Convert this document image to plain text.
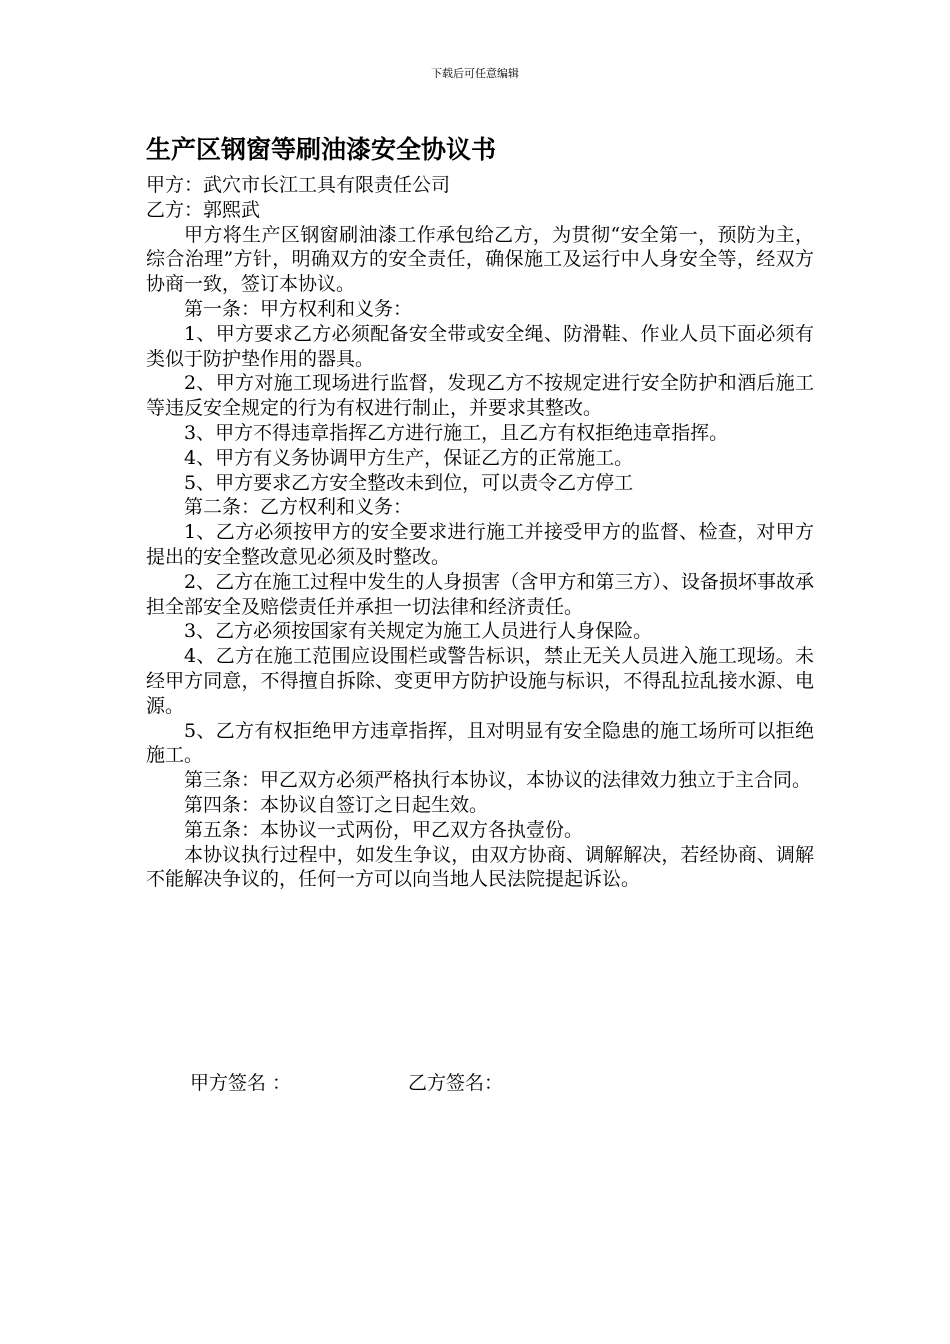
下载后可任意编辑
生产区钢窗等刷油漆安全协议书

甲方：武穴市长江工具有限责任公司

乙方：郭熙武

甲方将生产区钢窗刷油漆工作承包给乙方，为贯彻“安全第一，预防为主，综合治理”方针，明确双方的安全责任，确保施工及运行中人身安全等，经双方协商一致，签订本协议。

第一条：甲方权利和义务：

1、甲方要求乙方必须配备安全带或安全绳、防滑鞋、作业人员下面必须有类似于防护垫作用的器具。

2、甲方对施工现场进行监督，发现乙方不按规定进行安全防护和酒后施工等违反安全规定的行为有权进行制止，并要求其整改。

3、甲方不得违章指挥乙方进行施工，且乙方有权拒绝违章指挥。

4、甲方有义务协调甲方生产，保证乙方的正常施工。

5、甲方要求乙方安全整改未到位，可以责令乙方停工

第二条：乙方权利和义务：

1、乙方必须按甲方的安全要求进行施工并接受甲方的监督、检查，对甲方提出的安全整改意见必须及时整改。

2、乙方在施工过程中发生的人身损害（含甲方和第三方）、设备损坏事故承担全部安全及赔偿责任并承担一切法律和经济责任。

3、乙方必须按国家有关规定为施工人员进行人身保险。

4、乙方在施工范围应设围栏或警告标识，禁止无关人员进入施工现场。未经甲方同意，不得擅自拆除、变更甲方防护设施与标识，不得乱拉乱接水源、电源。

5、乙方有权拒绝甲方违章指挥，且对明显有安全隐患的施工场所可以拒绝施工。

第三条：甲乙双方必须严格执行本协议，本协议的法律效力独立于主合同。

第四条：本协议自签订之日起生效。

第五条：本协议一式两份，甲乙双方各执壹份。

本协议执行过程中，如发生争议，由双方协商、调解解决，若经协商、调解不能解决争议的，任何一方可以向当地人民法院提起诉讼。

甲方签名 ：

	乙方签名：
